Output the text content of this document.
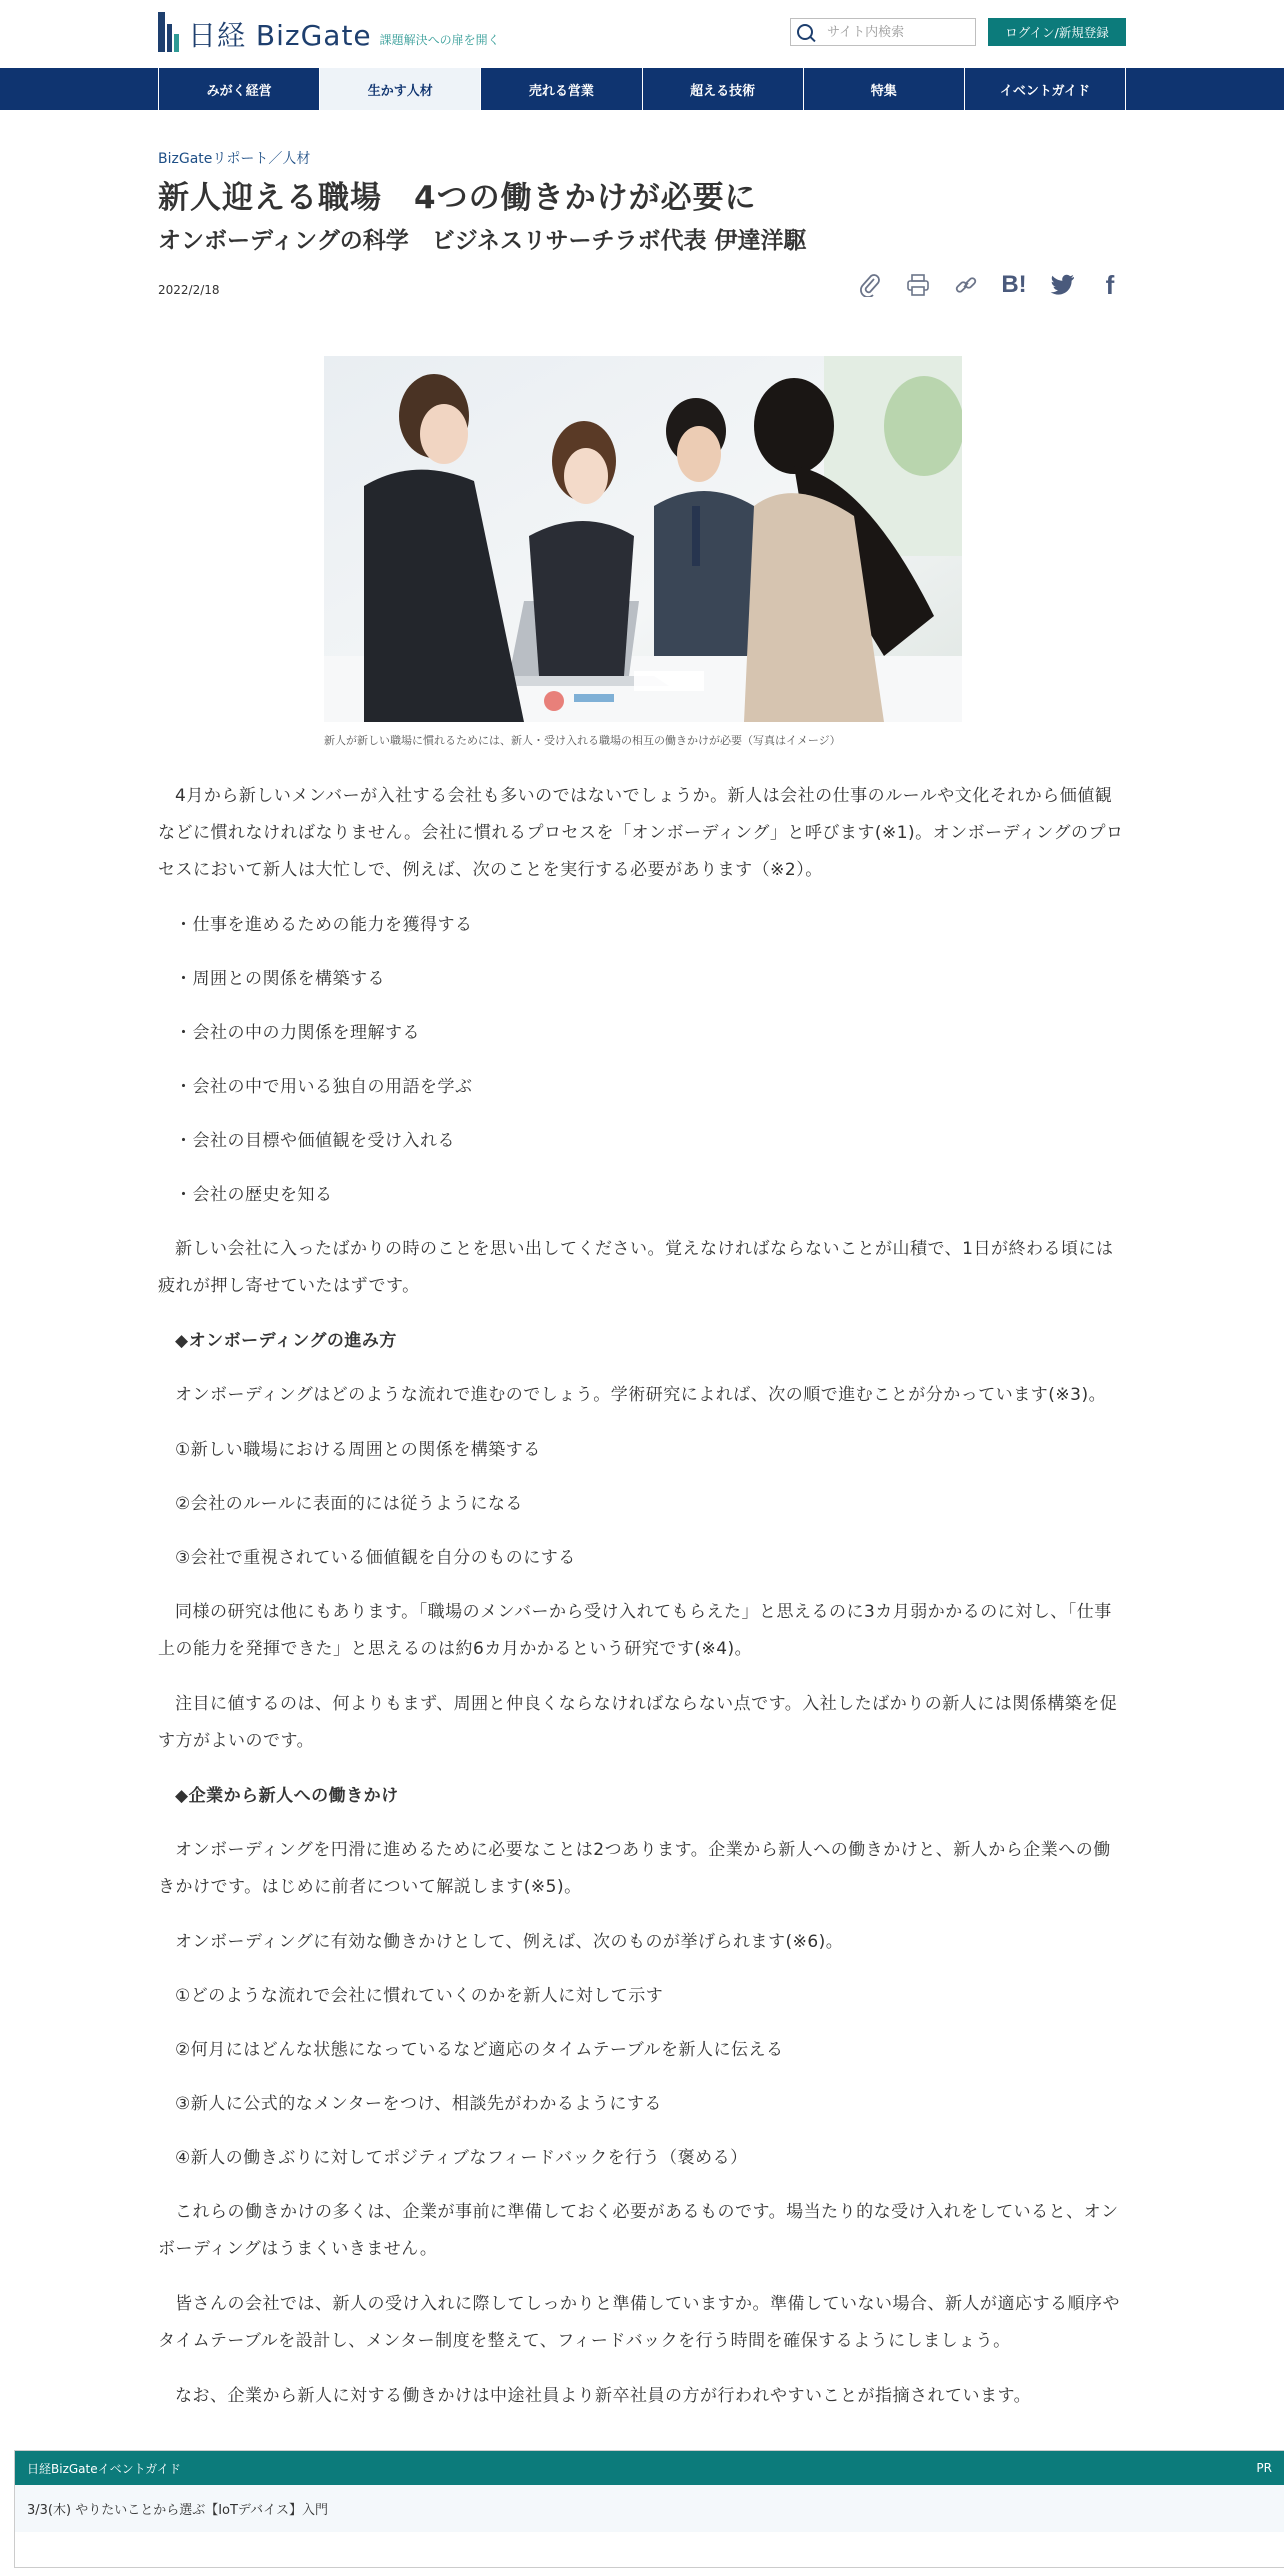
日経 BizGate 課題解決への扉を開く
サイト内検索	ログイン/新規登録
みがく経営	生かす人材	売れる営業	超える技術	特集	イベントガイド
BizGateリポート／人材
新人迎える職場　4つの働きかけが必要に
オンボーディングの科学　ビジネスリサーチラボ代表 伊達洋駆
2022/2/18	B!	f
新人が新しい職場に慣れるためには、新人・受け入れる職場の相互の働きかけが必要（写真はイメージ）

4月から新しいメンバーが入社する会社も多いのではないでしょうか。新人は会社の仕事のルールや文化それから価値観などに慣れなければなりません。会社に慣れるプロセスを「オンボーディング」と呼びます(※1)。オンボーディングのプロセスにおいて新人は大忙しで、例えば、次のことを実行する必要があります（※2）。

・仕事を進めるための能力を獲得する

・周囲との関係を構築する

・会社の中の力関係を理解する

・会社の中で用いる独自の用語を学ぶ

・会社の目標や価値観を受け入れる

・会社の歴史を知る

新しい会社に入ったばかりの時のことを思い出してください。覚えなければならないことが山積で、1日が終わる頃には疲れが押し寄せていたはずです。

◆オンボーディングの進み方

オンボーディングはどのような流れで進むのでしょう。学術研究によれば、次の順で進むことが分かっています(※3)。

①新しい職場における周囲との関係を構築する

②会社のルールに表面的には従うようになる

③会社で重視されている価値観を自分のものにする

同様の研究は他にもあります。「職場のメンバーから受け入れてもらえた」と思えるのに3カ月弱かかるのに対し、「仕事上の能力を発揮できた」と思えるのは約6カ月かかるという研究です(※4)。

注目に値するのは、何よりもまず、周囲と仲良くならなければならない点です。入社したばかりの新人には関係構築を促す方がよいのです。

◆企業から新人への働きかけ

オンボーディングを円滑に進めるために必要なことは2つあります。企業から新人への働きかけと、新人から企業への働きかけです。はじめに前者について解説します(※5)。

オンボーディングに有効な働きかけとして、例えば、次のものが挙げられます(※6)。

①どのような流れで会社に慣れていくのかを新人に対して示す

②何月にはどんな状態になっているなど適応のタイムテーブルを新人に伝える

③新人に公式的なメンターをつけ、相談先がわかるようにする

④新人の働きぶりに対してポジティブなフィードバックを行う（褒める）

これらの働きかけの多くは、企業が事前に準備しておく必要があるものです。場当たり的な受け入れをしていると、オンボーディングはうまくいきません。

皆さんの会社では、新人の受け入れに際してしっかりと準備していますか。準備していない場合、新人が適応する順序やタイムテーブルを設計し、メンター制度を整えて、フィードバックを行う時間を確保するようにしましょう。

なお、企業から新人に対する働きかけは中途社員より新卒社員の方が行われやすいことが指摘されています。

日経BizGateイベントガイド	PR
3/3(木) やりたいことから選ぶ【IoTデバイス】入門
